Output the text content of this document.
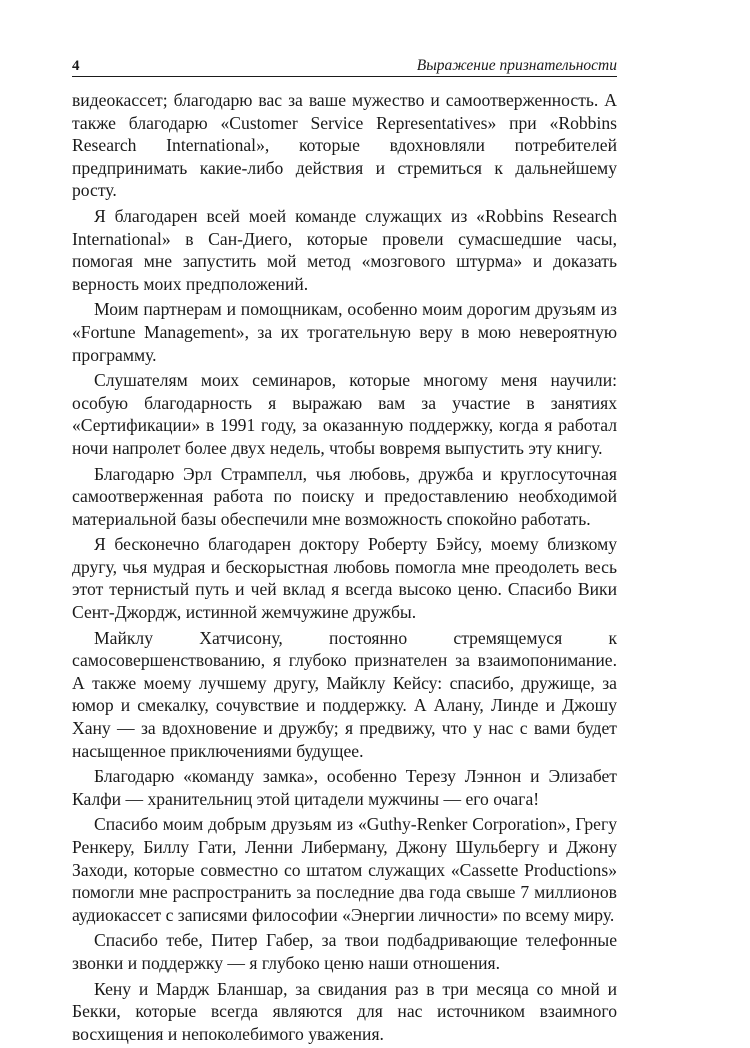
4	Выражение признательности

видеокассет; благодарю вас за ваше мужество и самоотверженность. А также благодарю «Customer Service Representatives» при «Robbins Research International», которые вдохновляли потребителей предпринимать какие-либо действия и стремиться к дальнейшему росту.

Я благодарен всей моей команде служащих из «Robbins Research International» в Сан-Диего, которые провели сумасшедшие часы, помогая мне запустить мой метод «мозгового штурма» и доказать верность моих предположений.

Моим партнерам и помощникам, особенно моим дорогим друзьям из «Fortune Management», за их трогательную веру в мою невероятную программу.

Слушателям моих семинаров, которые многому меня научили: особую благодарность я выражаю вам за участие в занятиях «Сертификации» в 1991 году, за оказанную поддержку, когда я работал ночи напролет более двух недель, чтобы вовремя выпустить эту книгу.

Благодарю Эрл Стрампелл, чья любовь, дружба и круглосуточная самоотверженная работа по поиску и предоставлению необходимой материальной базы обеспечили мне возможность спокойно работать.

Я бесконечно благодарен доктору Роберту Бэйсу, моему близкому другу, чья мудрая и бескорыстная любовь помогла мне преодолеть весь этот тернистый путь и чей вклад я всегда высоко ценю. Спасибо Вики Сент-Джордж, истинной жемчужине дружбы.

Майклу Хатчисону, постоянно стремящемуся к самосовершенствованию, я глубоко признателен за взаимопонимание. А также моему лучшему другу, Майклу Кейсу: спасибо, дружище, за юмор и смекалку, сочувствие и поддержку. А Алану, Линде и Джошу Хану — за вдохновение и дружбу; я предвижу, что у нас с вами будет насыщенное приключениями будущее.

Благодарю «команду замка», особенно Терезу Лэннон и Элизабет Калфи — хранительниц этой цитадели мужчины — его очага!

Спасибо моим добрым друзьям из «Guthy-Renker Corporation», Грегу Ренкеру, Биллу Гати, Ленни Либерману, Джону Шульбергу и Джону Заходи, которые совместно со штатом служащих «Cassette Productions» помогли мне распространить за последние два года свыше 7 миллионов аудиокассет с записями философии «Энергии личности» по всему миру.

Спасибо тебе, Питер Габер, за твои подбадривающие телефонные звонки и поддержку — я глубоко ценю наши отношения.

Кену и Мардж Бланшар, за свидания раз в три месяца со мной и Бекки, которые всегда являются для нас источником взаимного восхищения и непоколебимого уважения.
